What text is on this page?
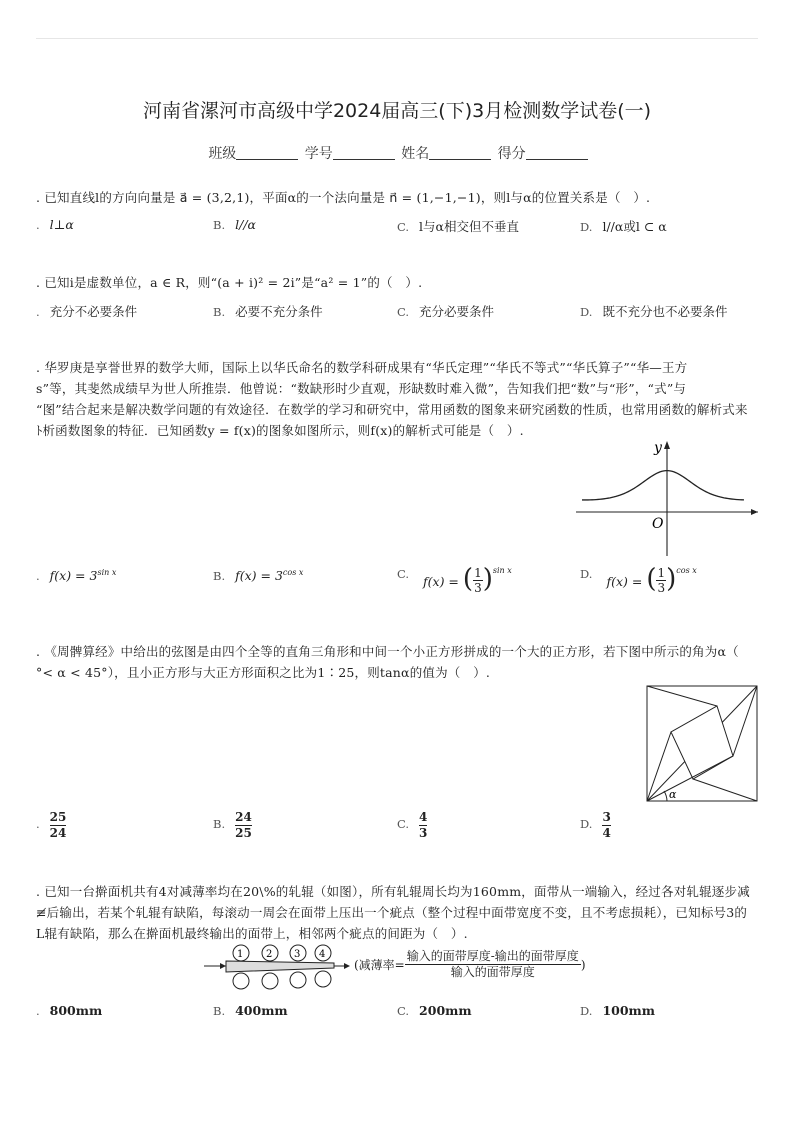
河南省漯河市高级中学2024届高三(下)3月检测数学试卷(一)
班级	学号	姓名	得分
. 已知直线l的方向向量是 a⃗ = (3,2,1)，平面α的一个法向量是 n⃗ = (1,−1,−1)，则l与α的位置关系是（　）.
. l⊥α	B. l//α	C. l与α相交但不垂直	D. l//α或l ⊂ α
. 已知i是虚数单位，a ∈ R，则“(a + i)² = 2i”是“a² = 1”的（　）.
. 充分不必要条件	B. 必要不充分条件	C. 充分必要条件	D. 既不充分也不必要条件
. 华罗庚是享誉世界的数学大师，国际上以华氏命名的数学科研成果有“华氏定理”“华氏不等式”“华氏算子”“华—王方
s”等，其斐然成绩早为世人所推崇．他曾说：“数缺形时少直观，形缺数时难入微”，告知我们把“数”与“形”，“式”与
“图”结合起来是解决数学问题的有效途径．在数学的学习和研究中，常用函数的图象来研究函数的性质，也常用函数的解析式来
ﾄ析函数图象的特征．已知函数y = f(x)的图象如图所示，则f(x)的解析式可能是（　）.
y
O
. $f(x) = 3^{sin x}$	B. $f(x) = 3^{cos x}$	C. f(x) = ( $\frac{1}{3} )^{sin x}$	D. f(x) = ( $\frac{1}{3} )^{cos x}$
. 《周髀算经》中给出的弦图是由四个全等的直角三角形和中间一个小正方形拼成的一个大的正方形，若下图中所示的角为α（
°< α < 45°），且小正方形与大正方形面积之比为1∶25，则tanα的值为（　）.
α
. $\frac{25}{24}$	B. $\frac{24}{25}$	C. $\frac{4}{3}$	D. $\frac{3}{4}$
. 已知一台擀面机共有4对减薄率均在20\%的轧辊（如图），所有轧辊周长均为160mm，面带从一端输入，经过各对轧辊逐步减
≢后输出，若某个轧辊有缺陷，每滚动一周会在面带上压出一个疵点（整个过程中面带宽度不变，且不考虑损耗），已知标号3的
L辊有缺陷，那么在擀面机最终输出的面带上，相邻两个疵点的间距为（　）.
1 2 3 4
(减薄率=
输入的面带厚度-输出的面带厚度
输入的面带厚度
)
. 800mm	B. 400mm	C. 200mm	D. 100mm
